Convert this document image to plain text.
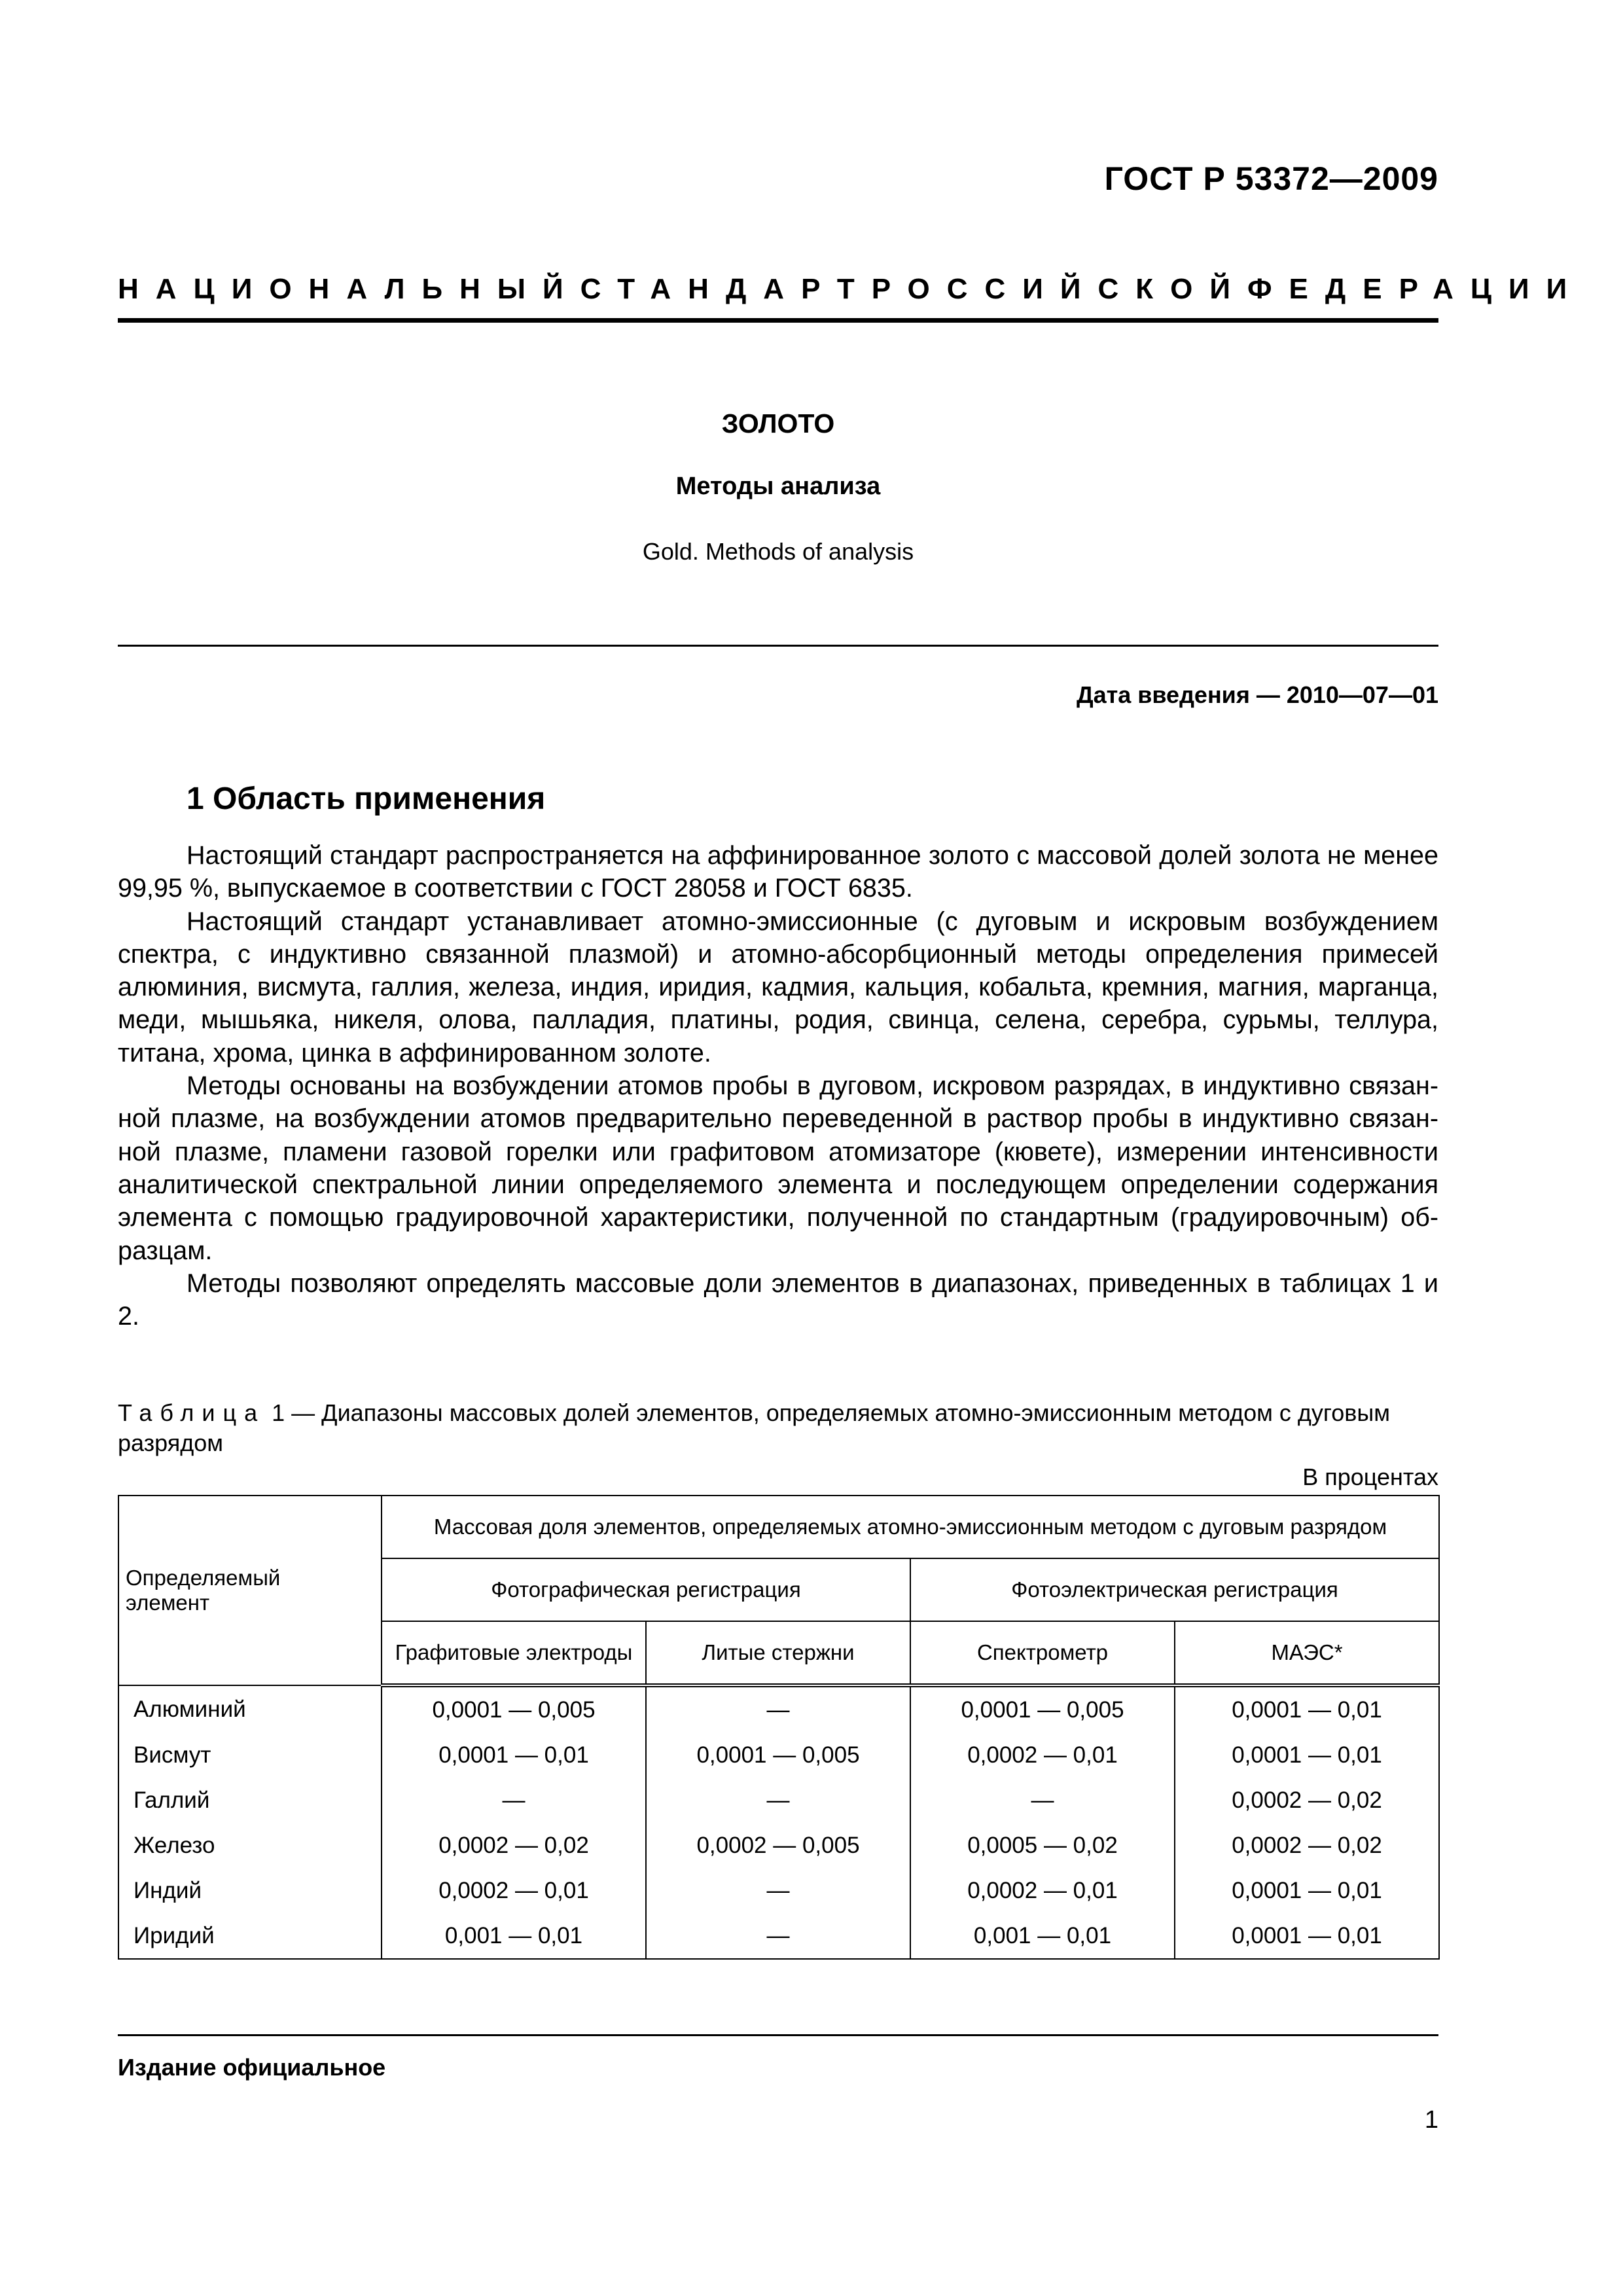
ГОСТ Р 53372—2009
НАЦИОНАЛЬНЫЙ СТАНДАРТ РОССИЙСКОЙ ФЕДЕРАЦИИ
ЗОЛОТО
Методы анализа
Gold. Methods of analysis
Дата введения — 2010—07—01
1 Область применения

Настоящий стандарт распространяется на аффинированное золото с массовой долей золота не менее 99,95 %, выпускаемое в соответствии с ГОСТ 28058 и ГОСТ 6835.

Настоящий стандарт устанавливает атомно-эмиссионные (с дуговым и искровым возбуждением спектра, с индуктивно связанной плазмой) и атомно-абсорбционный методы определения примесей алюминия, висмута, галлия, железа, индия, иридия, кадмия, кальция, кобальта, кремния, магния, марганца, меди, мышьяка, никеля, олова, палладия, платины, родия, свинца, селена, серебра, сурьмы, теллура, титана, хрома, цинка в аффинированном золоте.

Методы основаны на возбуждении атомов пробы в дуговом, искровом разрядах, в индуктивно связанной плазме, на возбуждении атомов предварительно переведенной в раствор пробы в индуктивно связанной плазме, пламени газовой горелки или графитовом атомизаторе (кювете), измерении интенсивности аналитической спектральной линии определяемого элемента и последующем определении содержания элемента с помощью градуировочной характеристики, полученной по стандартным (градуировочным) образцам.

Методы позволяют определять массовые доли элементов в диапазонах, приведенных в таблицах 1 и 2.

Таблица 1 — Диапазоны массовых долей элементов, определяемых атомно-эмиссионным методом с дуговым разрядом
В процентах
Определяемый элемент	Массовая доля элементов, определяемых атомно-эмиссионным методом с дуговым разрядом			
	Фотографическая регистрация		Фотоэлектрическая регистрация	
	Графитовые электроды	Литые стержни	Спектрометр	МАЭС*
Алюминий	0,0001 — 0,005	—	0,0001 — 0,005	0,0001 — 0,01
Висмут	0,0001 — 0,01	0,0001 — 0,005	0,0002 — 0,01	0,0001 — 0,01
Галлий	—	—	—	0,0002 — 0,02
Железо	0,0002 — 0,02	0,0002 — 0,005	0,0005 — 0,02	0,0002 — 0,02
Индий	0,0002 — 0,01	—	0,0002 — 0,01	0,0001 — 0,01
Иридий	0,001 — 0,01	—	0,001 — 0,01	0,0001 — 0,01
Издание официальное
1
